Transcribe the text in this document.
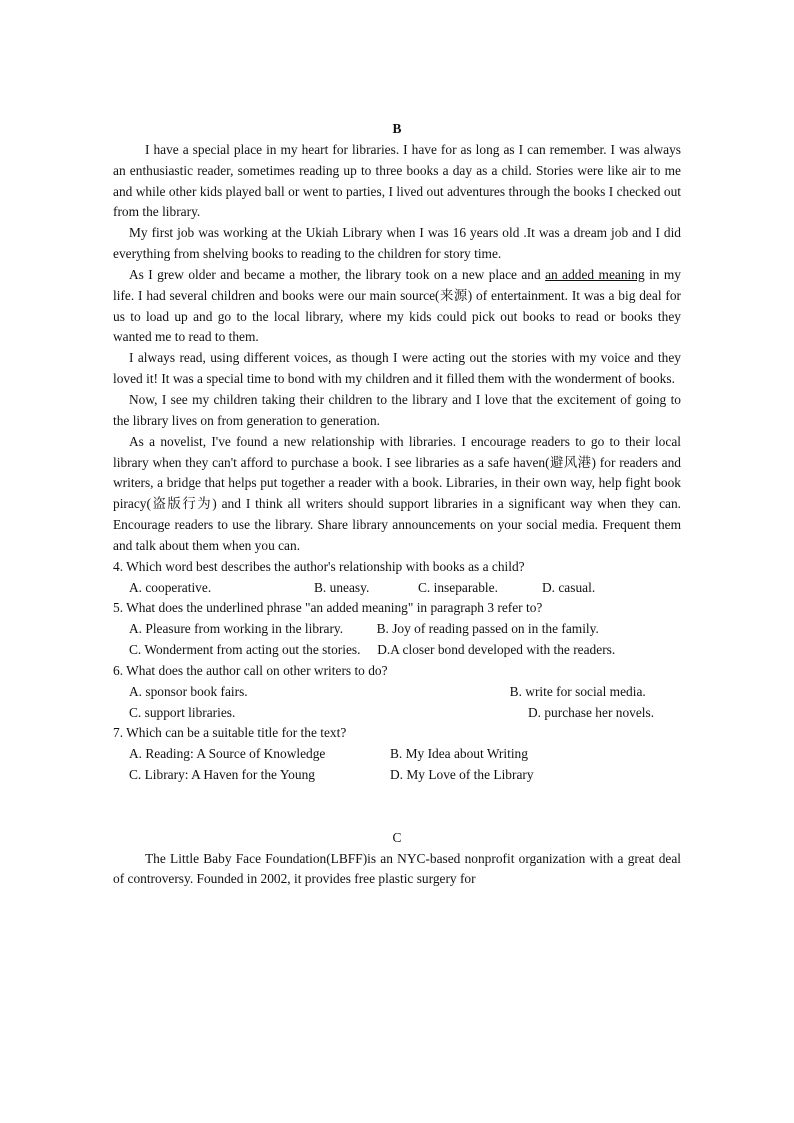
B

I have a special place in my heart for libraries. I have for as long as I can remember. I was always an enthusiastic reader, sometimes reading up to three books a day as a child. Stories were like air to me and while other kids played ball or went to parties, I lived out adventures through the books I checked out from the library.

My first job was working at the Ukiah Library when I was 16 years old .It was a dream job and I did everything from shelving books to reading to the children for story time.

As I grew older and became a mother, the library took on a new place and an added meaning in my life. I had several children and books were our main source(来源) of entertainment. It was a big deal for us to load up and go to the local library, where my kids could pick out books to read or books they wanted me to read to them.

I always read, using different voices, as though I were acting out the stories with my voice and they loved it! It was a special time to bond with my children and it filled them with the wonderment of books.

Now, I see my children taking their children to the library and I love that the excitement of going to the library lives on from generation to generation.

As a novelist, I've found a new relationship with libraries. I encourage readers to go to their local library when they can't afford to purchase a book. I see libraries as a safe haven(避风港) for readers and writers, a bridge that helps put together a reader with a book. Libraries, in their own way, help fight book piracy(盗版行为) and I think all writers should support libraries in a significant way when they can. Encourage readers to use the library. Share library announcements on your social media. Frequent them and talk about them when you can.

4. Which word best describes the author's relationship with books as a child?
A. cooperative.	B. uneasy.	C. inseparable.	D. casual.
5. What does the underlined phrase "an added meaning" in paragraph 3 refer to?

A. Pleasure from working in the library. B. Joy of reading passed on in the family.

C. Wonderment from acting out the stories. D.A closer bond developed with the readers.

6. What does the author call on other writers to do?

A. sponsor book fairs.	B. write for social media.

C. support libraries.	D. purchase her novels.
7. Which can be a suitable title for the text?
A. Reading: A Source of Knowledge	B. My Idea about Writing
C. Library: A Haven for the Young	D. My Love of the Library
C

The Little Baby Face Foundation(LBFF)is an NYC-based nonprofit organization with a great deal of controversy. Founded in 2002, it provides free plastic surgery for
